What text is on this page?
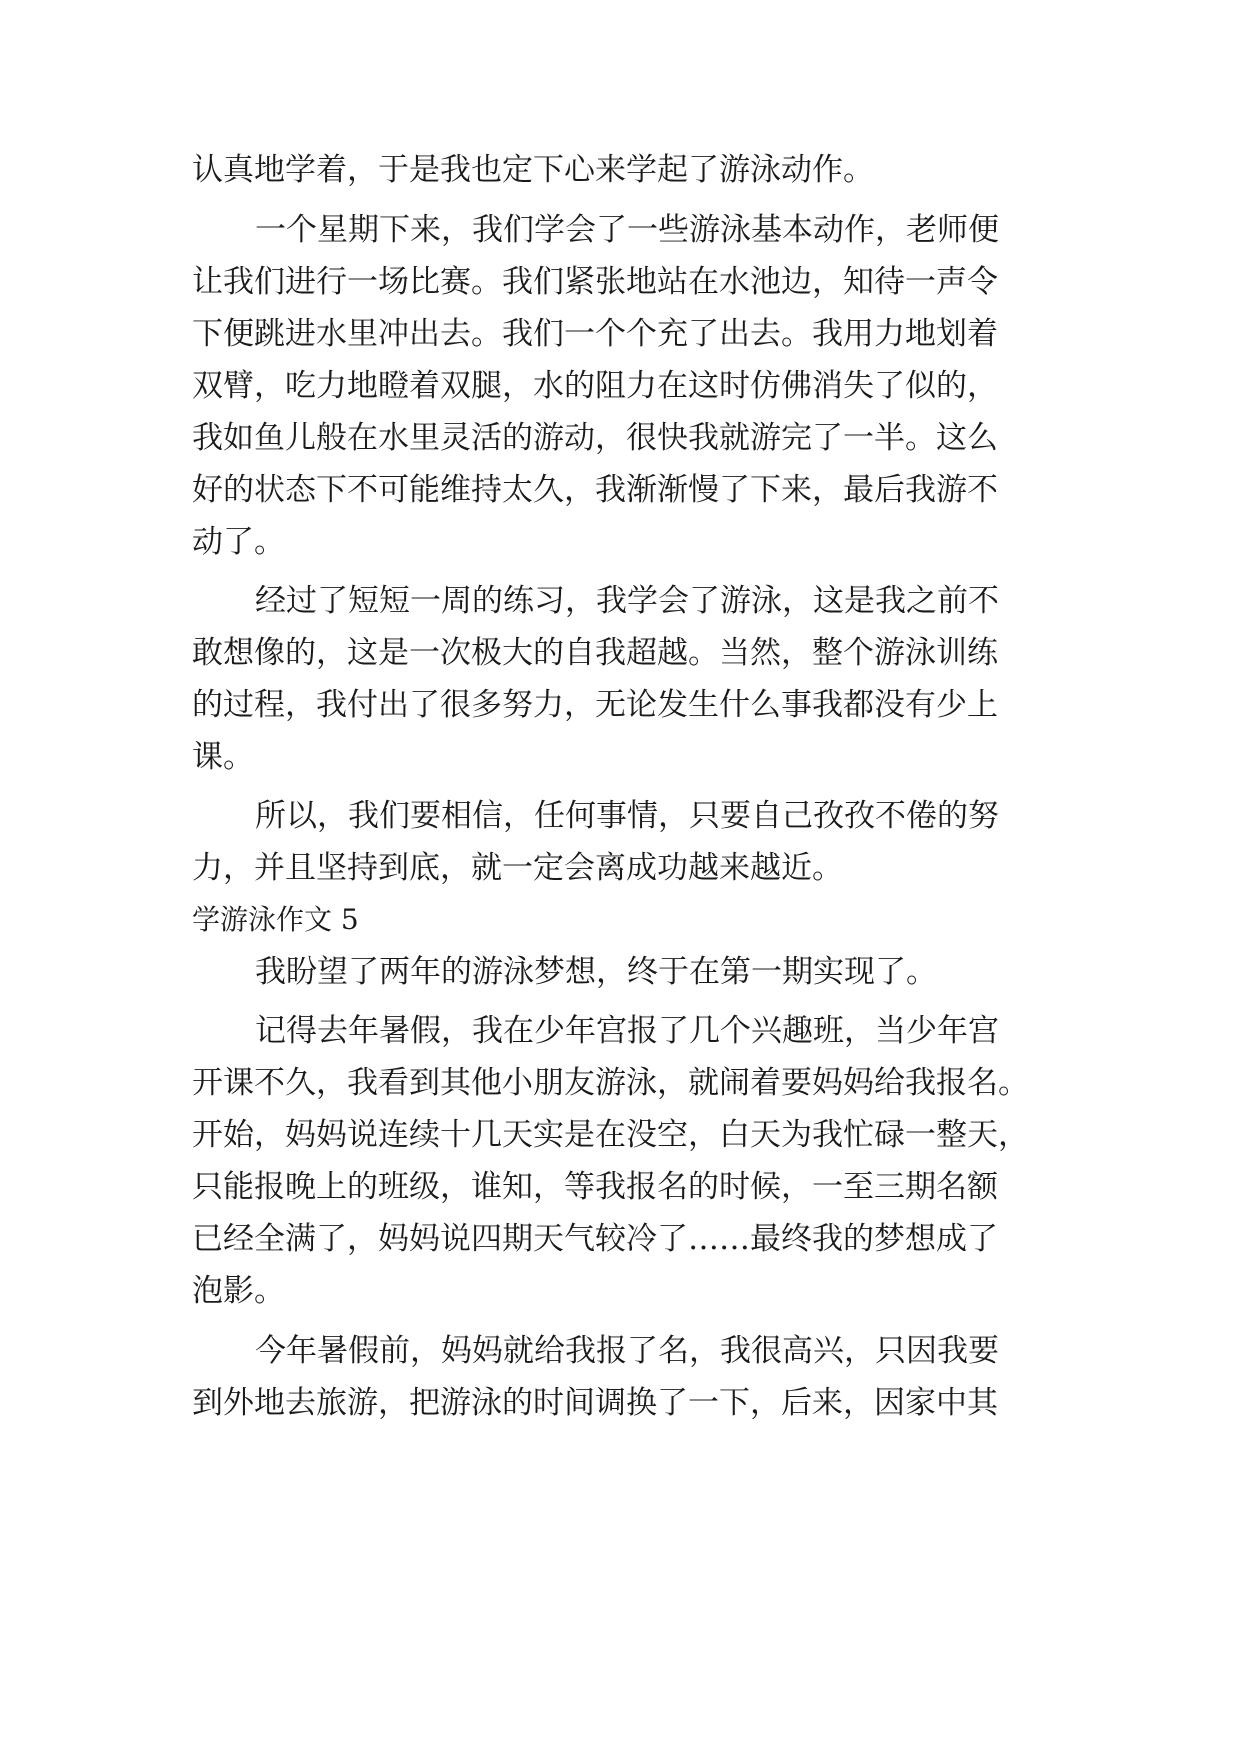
认真地学着，于是我也定下心来学起了游泳动作。
一个星期下来，我们学会了一些游泳基本动作，老师便
让我们进行一场比赛。我们紧张地站在水池边，知待一声令
下便跳进水里冲出去。我们一个个充了出去。我用力地划着
双臂，吃力地瞪着双腿，水的阻力在这时仿佛消失了似的，
我如鱼儿般在水里灵活的游动，很快我就游完了一半。这么
好的状态下不可能维持太久，我渐渐慢了下来，最后我游不
动了。
经过了短短一周的练习，我学会了游泳，这是我之前不
敢想像的，这是一次极大的自我超越。当然，整个游泳训练
的过程，我付出了很多努力，无论发生什么事我都没有少上
课。
所以，我们要相信，任何事情，只要自己孜孜不倦的努
力，并且坚持到底，就一定会离成功越来越近。
学游泳作文 5
我盼望了两年的游泳梦想，终于在第一期实现了。
记得去年暑假，我在少年宫报了几个兴趣班，当少年宫
开课不久，我看到其他小朋友游泳，就闹着要妈妈给我报名。
开始，妈妈说连续十几天实是在没空，白天为我忙碌一整天，
只能报晚上的班级，谁知，等我报名的时候，一至三期名额
已经全满了，妈妈说四期天气较冷了……最终我的梦想成了
泡影。
今年暑假前，妈妈就给我报了名，我很高兴，只因我要
到外地去旅游，把游泳的时间调换了一下，后来，因家中其
